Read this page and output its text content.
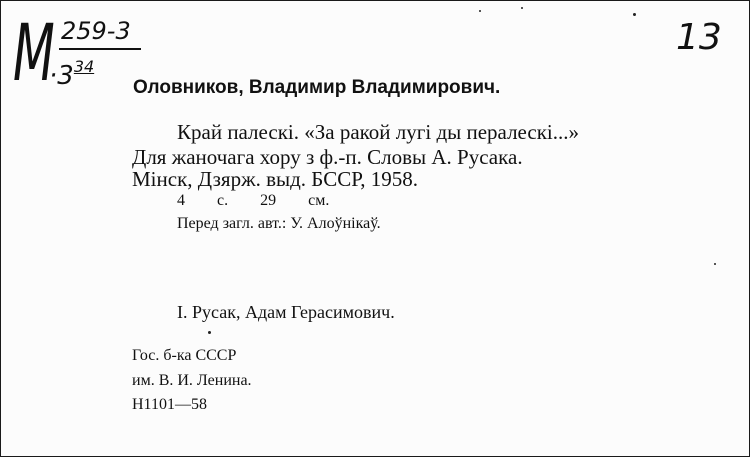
М 259-3
$\cdot 3^{34}$
13
Оловников, Владимир Владимирович.
Край палескі. «За ракой лугі ды пералескі...»
Для жаночага хору з ф.-п. Словы А. Русака.
Мінск, Дзярж. выд. БССР, 1958.
4 с. 29 см.
Перед загл. авт.: У. Алоўнікаў.
I. Русак, Адам Герасимович.
Гос. б-ка СССР
им. В. И. Ленина.
Н1101—58
